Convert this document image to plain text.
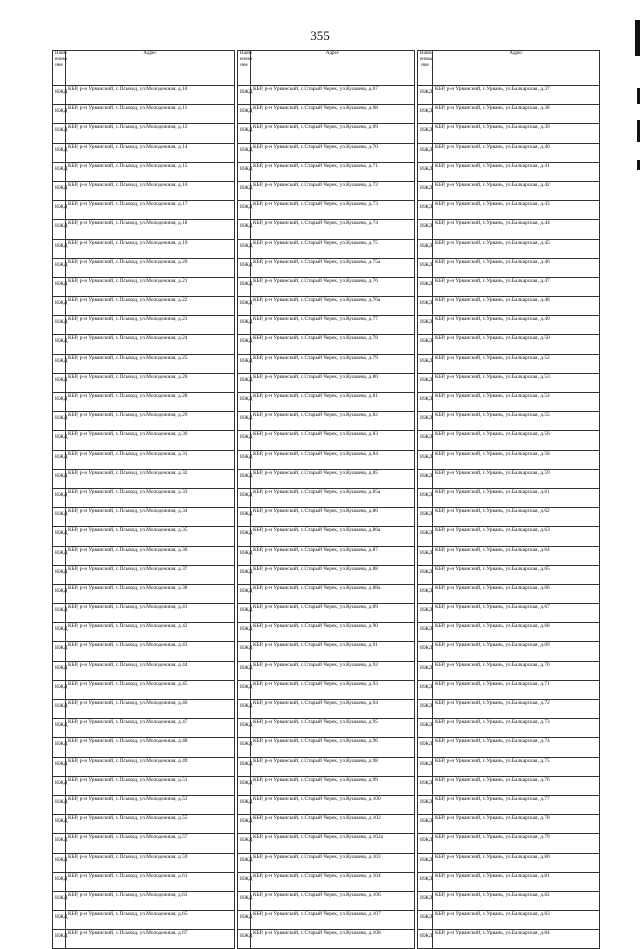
355
Наим енова ние	Адрес
ИЖД	КБР, р-н Урванский, с.Псыкод, ул.Молодежная, д.10
ИЖД	КБР, р-н Урванский, с.Псыкод, ул.Молодежная, д.11
ИЖД	КБР, р-н Урванский, с.Псыкод, ул.Молодежная, д.12
ИЖД	КБР, р-н Урванский, с.Псыкод, ул.Молодежная, д.14
ИЖД	КБР, р-н Урванский, с.Псыкод, ул.Молодежная, д.15
ИЖД	КБР, р-н Урванский, с.Псыкод, ул.Молодежная, д.16
ИЖД	КБР, р-н Урванский, с.Псыкод, ул.Молодежная, д.17
ИЖД	КБР, р-н Урванский, с.Псыкод, ул.Молодежная, д.18
ИЖД	КБР, р-н Урванский, с.Псыкод, ул.Молодежная, д.19
ИЖД	КБР, р-н Урванский, с.Псыкод, ул.Молодежная, д.20
ИЖД	КБР, р-н Урванский, с.Псыкод, ул.Молодежная, д.21
ИЖД	КБР, р-н Урванский, с.Псыкод, ул.Молодежная, д.22
ИЖД	КБР, р-н Урванский, с.Псыкод, ул.Молодежная, д.23
ИЖД	КБР, р-н Урванский, с.Псыкод, ул.Молодежная, д.24
ИЖД	КБР, р-н Урванский, с.Псыкод, ул.Молодежная, д.25
ИЖД	КБР, р-н Урванский, с.Псыкод, ул.Молодежная, д.26
ИЖД	КБР, р-н Урванский, с.Псыкод, ул.Молодежная, д.28
ИЖД	КБР, р-н Урванский, с.Псыкод, ул.Молодежная, д.29
ИЖД	КБР, р-н Урванский, с.Псыкод, ул.Молодежная, д.30
ИЖД	КБР, р-н Урванский, с.Псыкод, ул.Молодежная, д.31
ИЖД	КБР, р-н Урванский, с.Псыкод, ул.Молодежная, д.32
ИЖД	КБР, р-н Урванский, с.Псыкод, ул.Молодежная, д.33
ИЖД	КБР, р-н Урванский, с.Псыкод, ул.Молодежная, д.34
ИЖД	КБР, р-н Урванский, с.Псыкод, ул.Молодежная, д.35
ИЖД	КБР, р-н Урванский, с.Псыкод, ул.Молодежная, д.36
ИЖД	КБР, р-н Урванский, с.Псыкод, ул.Молодежная, д.37
ИЖД	КБР, р-н Урванский, с.Псыкод, ул.Молодежная, д.38
ИЖД	КБР, р-н Урванский, с.Псыкод, ул.Молодежная, д.41
ИЖД	КБР, р-н Урванский, с.Псыкод, ул.Молодежная, д.42
ИЖД	КБР, р-н Урванский, с.Псыкод, ул.Молодежная, д.43
ИЖД	КБР, р-н Урванский, с.Псыкод, ул.Молодежная, д.44
ИЖД	КБР, р-н Урванский, с.Псыкод, ул.Молодежная, д.45
ИЖД	КБР, р-н Урванский, с.Псыкод, ул.Молодежная, д.46
ИЖД	КБР, р-н Урванский, с.Псыкод, ул.Молодежная, д.47
ИЖД	КБР, р-н Урванский, с.Псыкод, ул.Молодежная, д.48
ИЖД	КБР, р-н Урванский, с.Псыкод, ул.Молодежная, д.49
ИЖД	КБР, р-н Урванский, с.Псыкод, ул.Молодежная, д.51
ИЖД	КБР, р-н Урванский, с.Псыкод, ул.Молодежная, д.53
ИЖД	КБР, р-н Урванский, с.Псыкод, ул.Молодежная, д.55
ИЖД	КБР, р-н Урванский, с.Псыкод, ул.Молодежная, д.57
ИЖД	КБР, р-н Урванский, с.Псыкод, ул.Молодежная, д.59
ИЖД	КБР, р-н Урванский, с.Псыкод, ул.Молодежная, д.61
ИЖД	КБР, р-н Урванский, с.Псыкод, ул.Молодежная, д.63
ИЖД	КБР, р-н Урванский, с.Псыкод, ул.Молодежная, д.65
ИЖД	КБР, р-н Урванский, с.Псыкод, ул.Молодежная, д.67
Наим енова ние	Адрес
ИЖД	КБР, р-н Урванский, с.Старый Черек, ул.Кушаева, д.67
ИЖД	КБР, р-н Урванский, с.Старый Черек, ул.Кушаева, д.68
ИЖД	КБР, р-н Урванский, с.Старый Черек, ул.Кушаева, д.69
ИЖД	КБР, р-н Урванский, с.Старый Черек, ул.Кушаева, д.70
ИЖД	КБР, р-н Урванский, с.Старый Черек, ул.Кушаева, д.71
ИЖД	КБР, р-н Урванский, с.Старый Черек, ул.Кушаева, д.72
ИЖД	КБР, р-н Урванский, с.Старый Черек, ул.Кушаева, д.73
ИЖД	КБР, р-н Урванский, с.Старый Черек, ул.Кушаева, д.74
ИЖД	КБР, р-н Урванский, с.Старый Черек, ул.Кушаева, д.75
ИЖД	КБР, р-н Урванский, с.Старый Черек, ул.Кушаева, д.75а
ИЖД	КБР, р-н Урванский, с.Старый Черек, ул.Кушаева, д.76
ИЖД	КБР, р-н Урванский, с.Старый Черек, ул.Кушаева, д.76а
ИЖД	КБР, р-н Урванский, с.Старый Черек, ул.Кушаева, д.77
ИЖД	КБР, р-н Урванский, с.Старый Черек, ул.Кушаева, д.78
ИЖД	КБР, р-н Урванский, с.Старый Черек, ул.Кушаева, д.79
ИЖД	КБР, р-н Урванский, с.Старый Черек, ул.Кушаева, д.80
ИЖД	КБР, р-н Урванский, с.Старый Черек, ул.Кушаева, д.81
ИЖД	КБР, р-н Урванский, с.Старый Черек, ул.Кушаева, д.82
ИЖД	КБР, р-н Урванский, с.Старый Черек, ул.Кушаева, д.83
ИЖД	КБР, р-н Урванский, с.Старый Черек, ул.Кушаева, д.84
ИЖД	КБР, р-н Урванский, с.Старый Черек, ул.Кушаева, д.85
ИЖД	КБР, р-н Урванский, с.Старый Черек, ул.Кушаева, д.85а
ИЖД	КБР, р-н Урванский, с.Старый Черек, ул.Кушаева, д.86
ИЖД	КБР, р-н Урванский, с.Старый Черек, ул.Кушаева, д.86а
ИЖД	КБР, р-н Урванский, с.Старый Черек, ул.Кушаева, д.87
ИЖД	КБР, р-н Урванский, с.Старый Черек, ул.Кушаева, д.88
ИЖД	КБР, р-н Урванский, с.Старый Черек, ул.Кушаева, д.88а
ИЖД	КБР, р-н Урванский, с.Старый Черек, ул.Кушаева, д.89
ИЖД	КБР, р-н Урванский, с.Старый Черек, ул.Кушаева, д.90
ИЖД	КБР, р-н Урванский, с.Старый Черек, ул.Кушаева, д.91
ИЖД	КБР, р-н Урванский, с.Старый Черек, ул.Кушаева, д.92
ИЖД	КБР, р-н Урванский, с.Старый Черек, ул.Кушаева, д.93
ИЖД	КБР, р-н Урванский, с.Старый Черек, ул.Кушаева, д.94
ИЖД	КБР, р-н Урванский, с.Старый Черек, ул.Кушаева, д.95
ИЖД	КБР, р-н Урванский, с.Старый Черек, ул.Кушаева, д.96
ИЖД	КБР, р-н Урванский, с.Старый Черек, ул.Кушаева, д.98
ИЖД	КБР, р-н Урванский, с.Старый Черек, ул.Кушаева, д.99
ИЖД	КБР, р-н Урванский, с.Старый Черек, ул.Кушаева, д.100
ИЖД	КБР, р-н Урванский, с.Старый Черек, ул.Кушаева, д.102
ИЖД	КБР, р-н Урванский, с.Старый Черек, ул.Кушаева, д.102а
ИЖД	КБР, р-н Урванский, с.Старый Черек, ул.Кушаева, д.103
ИЖД	КБР, р-н Урванский, с.Старый Черек, ул.Кушаева, д.104
ИЖД	КБР, р-н Урванский, с.Старый Черек, ул.Кушаева, д.106
ИЖД	КБР, р-н Урванский, с.Старый Черек, ул.Кушаева, д.107
ИЖД	КБР, р-н Урванский, с.Старый Черек, ул.Кушаева, д.108
Наим енова ние	Адрес
ИЖД	КБР, р-н Урванский, с.Урвань, ул.Балкарская, д.37
ИЖД	КБР, р-н Урванский, с.Урвань, ул.Балкарская, д.38
ИЖД	КБР, р-н Урванский, с.Урвань, ул.Балкарская, д.39
ИЖД	КБР, р-н Урванский, с.Урвань, ул.Балкарская, д.40
ИЖД	КБР, р-н Урванский, с.Урвань, ул.Балкарская, д.41
ИЖД	КБР, р-н Урванский, с.Урвань, ул.Балкарская, д.42
ИЖД	КБР, р-н Урванский, с.Урвань, ул.Балкарская, д.43
ИЖД	КБР, р-н Урванский, с.Урвань, ул.Балкарская, д.44
ИЖД	КБР, р-н Урванский, с.Урвань, ул.Балкарская, д.45
ИЖД	КБР, р-н Урванский, с.Урвань, ул.Балкарская, д.46
ИЖД	КБР, р-н Урванский, с.Урвань, ул.Балкарская, д.47
ИЖД	КБР, р-н Урванский, с.Урвань, ул.Балкарская, д.48
ИЖД	КБР, р-н Урванский, с.Урвань, ул.Балкарская, д.49
ИЖД	КБР, р-н Урванский, с.Урвань, ул.Балкарская, д.50
ИЖД	КБР, р-н Урванский, с.Урвань, ул.Балкарская, д.52
ИЖД	КБР, р-н Урванский, с.Урвань, ул.Балкарская, д.53
ИЖД	КБР, р-н Урванский, с.Урвань, ул.Балкарская, д.54
ИЖД	КБР, р-н Урванский, с.Урвань, ул.Балкарская, д.55
ИЖД	КБР, р-н Урванский, с.Урвань, ул.Балкарская, д.56
ИЖД	КБР, р-н Урванский, с.Урвань, ул.Балкарская, д.58
ИЖД	КБР, р-н Урванский, с.Урвань, ул.Балкарская, д.59
ИЖД	КБР, р-н Урванский, с.Урвань, ул.Балкарская, д.61
ИЖД	КБР, р-н Урванский, с.Урвань, ул.Балкарская, д.62
ИЖД	КБР, р-н Урванский, с.Урвань, ул.Балкарская, д.63
ИЖД	КБР, р-н Урванский, с.Урвань, ул.Балкарская, д.64
ИЖД	КБР, р-н Урванский, с.Урвань, ул.Балкарская, д.65
ИЖД	КБР, р-н Урванский, с.Урвань, ул.Балкарская, д.66
ИЖД	КБР, р-н Урванский, с.Урвань, ул.Балкарская, д.67
ИЖД	КБР, р-н Урванский, с.Урвань, ул.Балкарская, д.68
ИЖД	КБР, р-н Урванский, с.Урвань, ул.Балкарская, д.69
ИЖД	КБР, р-н Урванский, с.Урвань, ул.Балкарская, д.70
ИЖД	КБР, р-н Урванский, с.Урвань, ул.Балкарская, д.71
ИЖД	КБР, р-н Урванский, с.Урвань, ул.Балкарская, д.72
ИЖД	КБР, р-н Урванский, с.Урвань, ул.Балкарская, д.73
ИЖД	КБР, р-н Урванский, с.Урвань, ул.Балкарская, д.74
ИЖД	КБР, р-н Урванский, с.Урвань, ул.Балкарская, д.75
ИЖД	КБР, р-н Урванский, с.Урвань, ул.Балкарская, д.76
ИЖД	КБР, р-н Урванский, с.Урвань, ул.Балкарская, д.77
ИЖД	КБР, р-н Урванский, с.Урвань, ул.Балкарская, д.78
ИЖД	КБР, р-н Урванский, с.Урвань, ул.Балкарская, д.79
ИЖД	КБР, р-н Урванский, с.Урвань, ул.Балкарская, д.80
ИЖД	КБР, р-н Урванский, с.Урвань, ул.Балкарская, д.81
ИЖД	КБР, р-н Урванский, с.Урвань, ул.Балкарская, д.82
ИЖД	КБР, р-н Урванский, с.Урвань, ул.Балкарская, д.83
ИЖД	КБР, р-н Урванский, с.Урвань, ул.Балкарская, д.84
